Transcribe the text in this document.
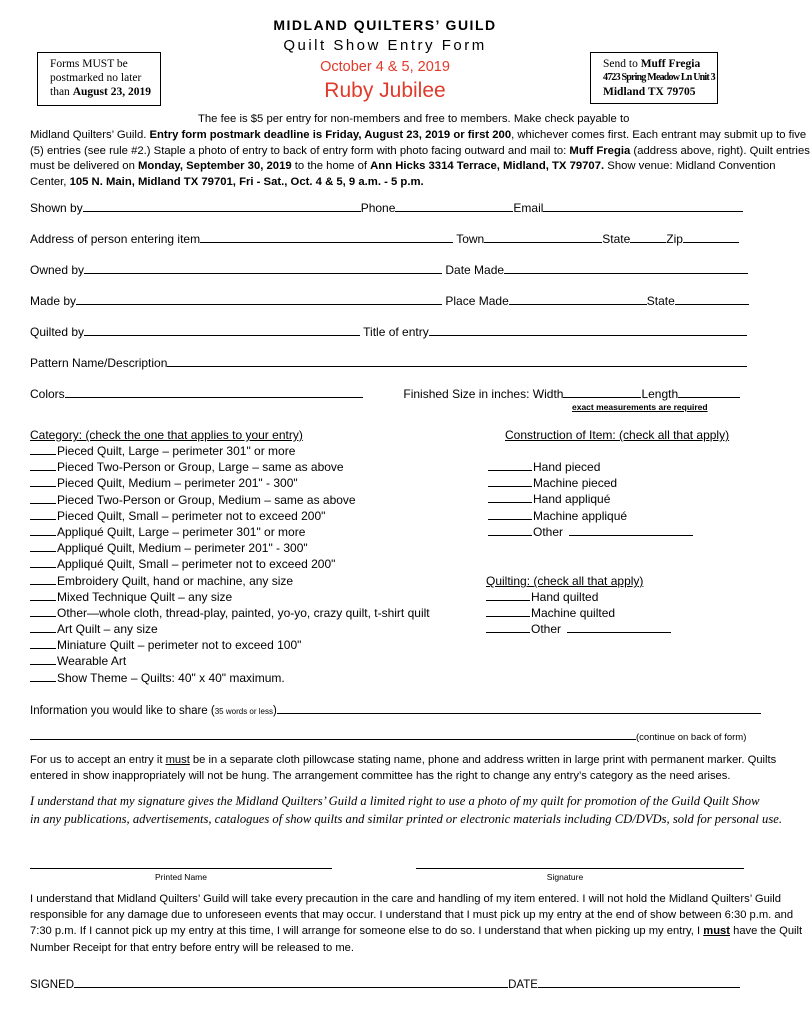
MIDLAND QUILTERS’ GUILD
Quilt Show Entry Form
October 4 & 5, 2019
Ruby Jubilee
Forms MUST be
postmarked no later
than August 23, 2019
Send to Muff Fregia
4723 Spring Meadow Ln Unit 3
Midland TX 79705
The fee is $5 per entry for non-members and free to members. Make check payable to
Midland Quilters’ Guild. Entry form postmark deadline is Friday, August 23, 2019 or first 200, whichever comes first. Each entrant may submit up to five
(5) entries (see rule #2.) Staple a photo of entry to back of entry form with photo facing outward and mail to: Muff Fregia (address above, right). Quilt entries
must be delivered on Monday, September 30, 2019 to the home of Ann Hicks 3314 Terrace, Midland, TX 79707. Show venue: Midland Convention
Center, 105 N. Main, Midland TX 79701, Fri - Sat., Oct. 4 & 5, 9 a.m. - 5 p.m.
Shown by	Phone	Email
Address of person entering item	Town	State	Zip
Owned by	Date Made
Made by	Place Made	State
Quilted by	Title of entry
Pattern Name/Description
Colors	Finished Size in inches: Width	Length
exact measurements are required
Category: (check the one that applies to your entry)
Pieced Quilt, Large – perimeter 301" or more
Pieced Two-Person or Group, Large – same as above
Pieced Quilt, Medium – perimeter 201" - 300"
Pieced Two-Person or Group, Medium – same as above
Pieced Quilt, Small – perimeter not to exceed 200"
Appliqué Quilt, Large – perimeter 301" or more
Appliqué Quilt, Medium – perimeter 201" - 300"
Appliqué Quilt, Small – perimeter not to exceed 200"
Embroidery Quilt, hand or machine, any size
Mixed Technique Quilt – any size
Other—whole cloth, thread-play, painted, yo-yo, crazy quilt, t-shirt quilt
Art Quilt – any size
Miniature Quilt – perimeter not to exceed 100"
Wearable Art
Show Theme – Quilts: 40" x 40" maximum.
Construction of Item: (check all that apply)
Hand pieced
Machine pieced
Hand appliqué
Machine appliqué
Other
Quilting: (check all that apply)
Hand quilted
Machine quilted
Other
Information you would like to share (35 words or less)
(continue on back of form)
For us to accept an entry it must be in a separate cloth pillowcase stating name, phone and address written in large print with permanent marker. Quilts
entered in show inappropriately will not be hung. The arrangement committee has the right to change any entry’s category as the need arises.
I understand that my signature gives the Midland Quilters’ Guild a limited right to use a photo of my quilt for promotion of the Guild Quilt Show
in any publications, advertisements, catalogues of show quilts and similar printed or electronic materials including CD/DVDs, sold for personal use.
Printed Name	Signature
I understand that Midland Quilters’ Guild will take every precaution in the care and handling of my item entered. I will not hold the Midland Quilters’ Guild
responsible for any damage due to unforeseen events that may occur. I understand that I must pick up my entry at the end of show between 6:30 p.m. and
7:30 p.m. If I cannot pick up my entry at this time, I will arrange for someone else to do so. I understand that when picking up my entry, I must have the Quilt
Number Receipt for that entry before entry will be released to me.
SIGNED	DATE
